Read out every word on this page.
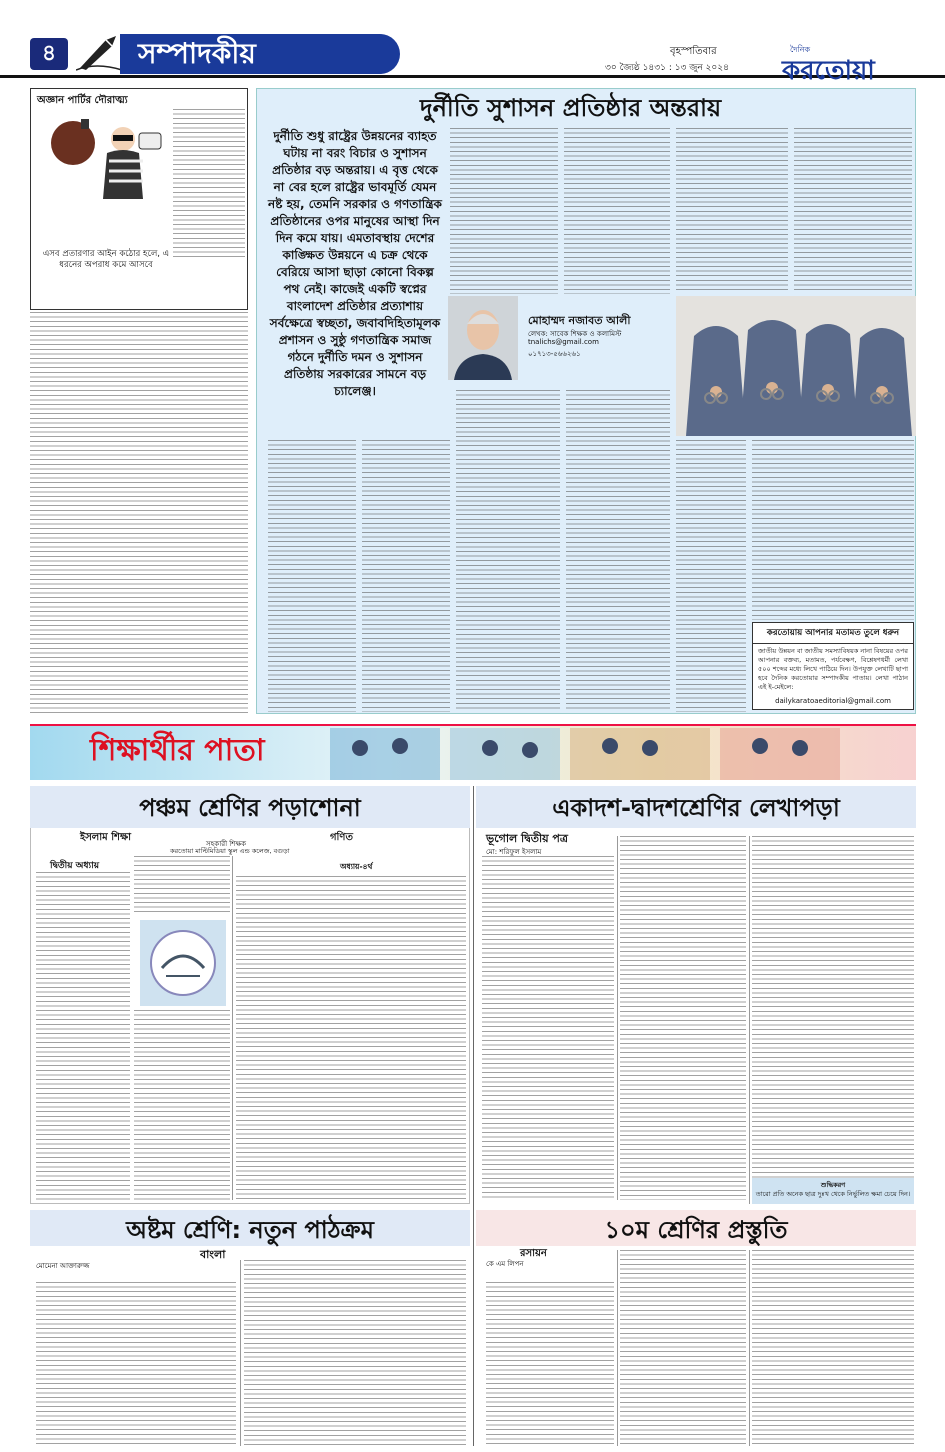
৪	সম্পাদকীয়	বৃহস্পতিবার
৩০ জ্যৈষ্ঠ ১৪৩১ : ১৩ জুন ২০২৪
দৈনিক
করতোয়া
অজ্ঞান পার্টির দৌরাত্ম্য
এসব প্রতারণার আইন কঠোর হলে, এ ধরনের অপরাধ কমে আসবে
দুর্নীতি সুশাসন প্রতিষ্ঠার অন্তরায়
দুর্নীতি শুধু রাষ্ট্রের উন্নয়নের ব্যাহত ঘটায় না বরং বিচার ও সুশাসন প্রতিষ্ঠার বড় অন্তরায়। এ বৃত্ত থেকে না বের হলে রাষ্ট্রের ভাবমূর্তি যেমন নষ্ট হয়, তেমনি সরকার ও গণতান্ত্রিক প্রতিষ্ঠানের ওপর মানুষের আস্থা দিন দিন কমে যায়। এমতাবস্থায় দেশের কাঙ্ক্ষিত উন্নয়নে এ চক্র থেকে বেরিয়ে আসা ছাড়া কোনো বিকল্প পথ নেই। কাজেই একটি স্বপ্নের বাংলাদেশ প্রতিষ্ঠার প্রত্যাশায় সর্বক্ষেত্রে স্বচ্ছতা, জবাবদিহিতামূলক প্রশাসন ও সুষ্ঠু গণতান্ত্রিক সমাজ গঠনে দুর্নীতি দমন ও সুশাসন প্রতিষ্ঠায় সরকারের সামনে বড় চ্যালেঞ্জ।
মোহাম্মদ নজাবত আলী
লেখক: সাবেক শিক্ষক ও কলামিস্ট
tnalichs@gmail.com
০১৭১৩-৫৬৬২৬১
করতোয়ায় আপনার মতামত তুলে ধরুন
জাতীয় উন্নয়ন বা জাতীয় সমস্যাবিষয়ক নানা বিষয়ের ওপর আপনার বক্তব্য, মতামত, পর্যবেক্ষণ, বিশ্লেষণধর্মী লেখা ৫০০ শব্দের মধ্যে লিখে পাঠিয়ে দিন। উপযুক্ত লেখাটি ছাপা হবে দৈনিক করতোয়ার সম্পাদকীয় পাতায়। লেখা পাঠান এই ই-মেইলে:
dailykaratoaeditorial@gmail.com
শিক্ষার্থীর পাতা
পঞ্চম শ্রেণির পড়াশোনা
ইসলাম শিক্ষা	গণিত
সহকারী শিক্ষক
করতোয়া মাল্টিমিডিয়া স্কুল এন্ড কলেজ, বগুড়া
দ্বিতীয় অধ্যায়	অধ্যায়-৪র্থ
একাদশ-দ্বাদশশ্রেণির লেখাপড়া
ভূগোল দ্বিতীয় পত্র
মো: শরিফুল ইসলাম
শুদ্ধিকরণ
তারো প্রতি অনেক ছাত্র দুঃখ থেকে নির্ভুলিত ক্ষমা চেয়ে দিন।
অষ্টম শ্রেণি: নতুন পাঠক্রম
বাংলা
মোমেনা আক্তারুজ্জ
১০ম শ্রেণির প্রস্তুতি
রসায়ন
কে এম লিপন
